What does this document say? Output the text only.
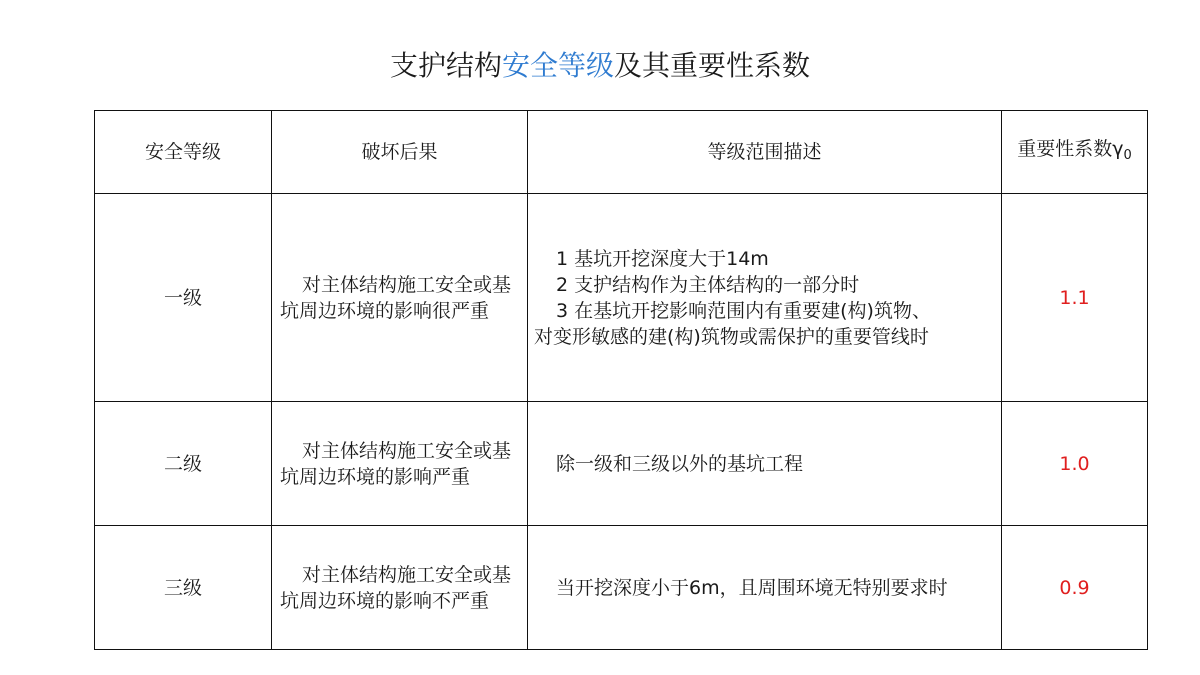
支护结构安全等级及其重要性系数
安全等级	破坏后果	等级范围描述	重要性系数$\gamma_0$
一级	对主体结构施工安全或基坑周边环境的影响很严重	1 基坑开挖深度大于14m
2 支护结构作为主体结构的一部分时
3 在基坑开挖影响范围内有重要建(构)筑物、
对变形敏感的建(构)筑物或需保护的重要管线时	1.1
二级	对主体结构施工安全或基坑周边环境的影响严重	除一级和三级以外的基坑工程	1.0
三级	对主体结构施工安全或基坑周边环境的影响不严重	当开挖深度小于6m，且周围环境无特别要求时	0.9
